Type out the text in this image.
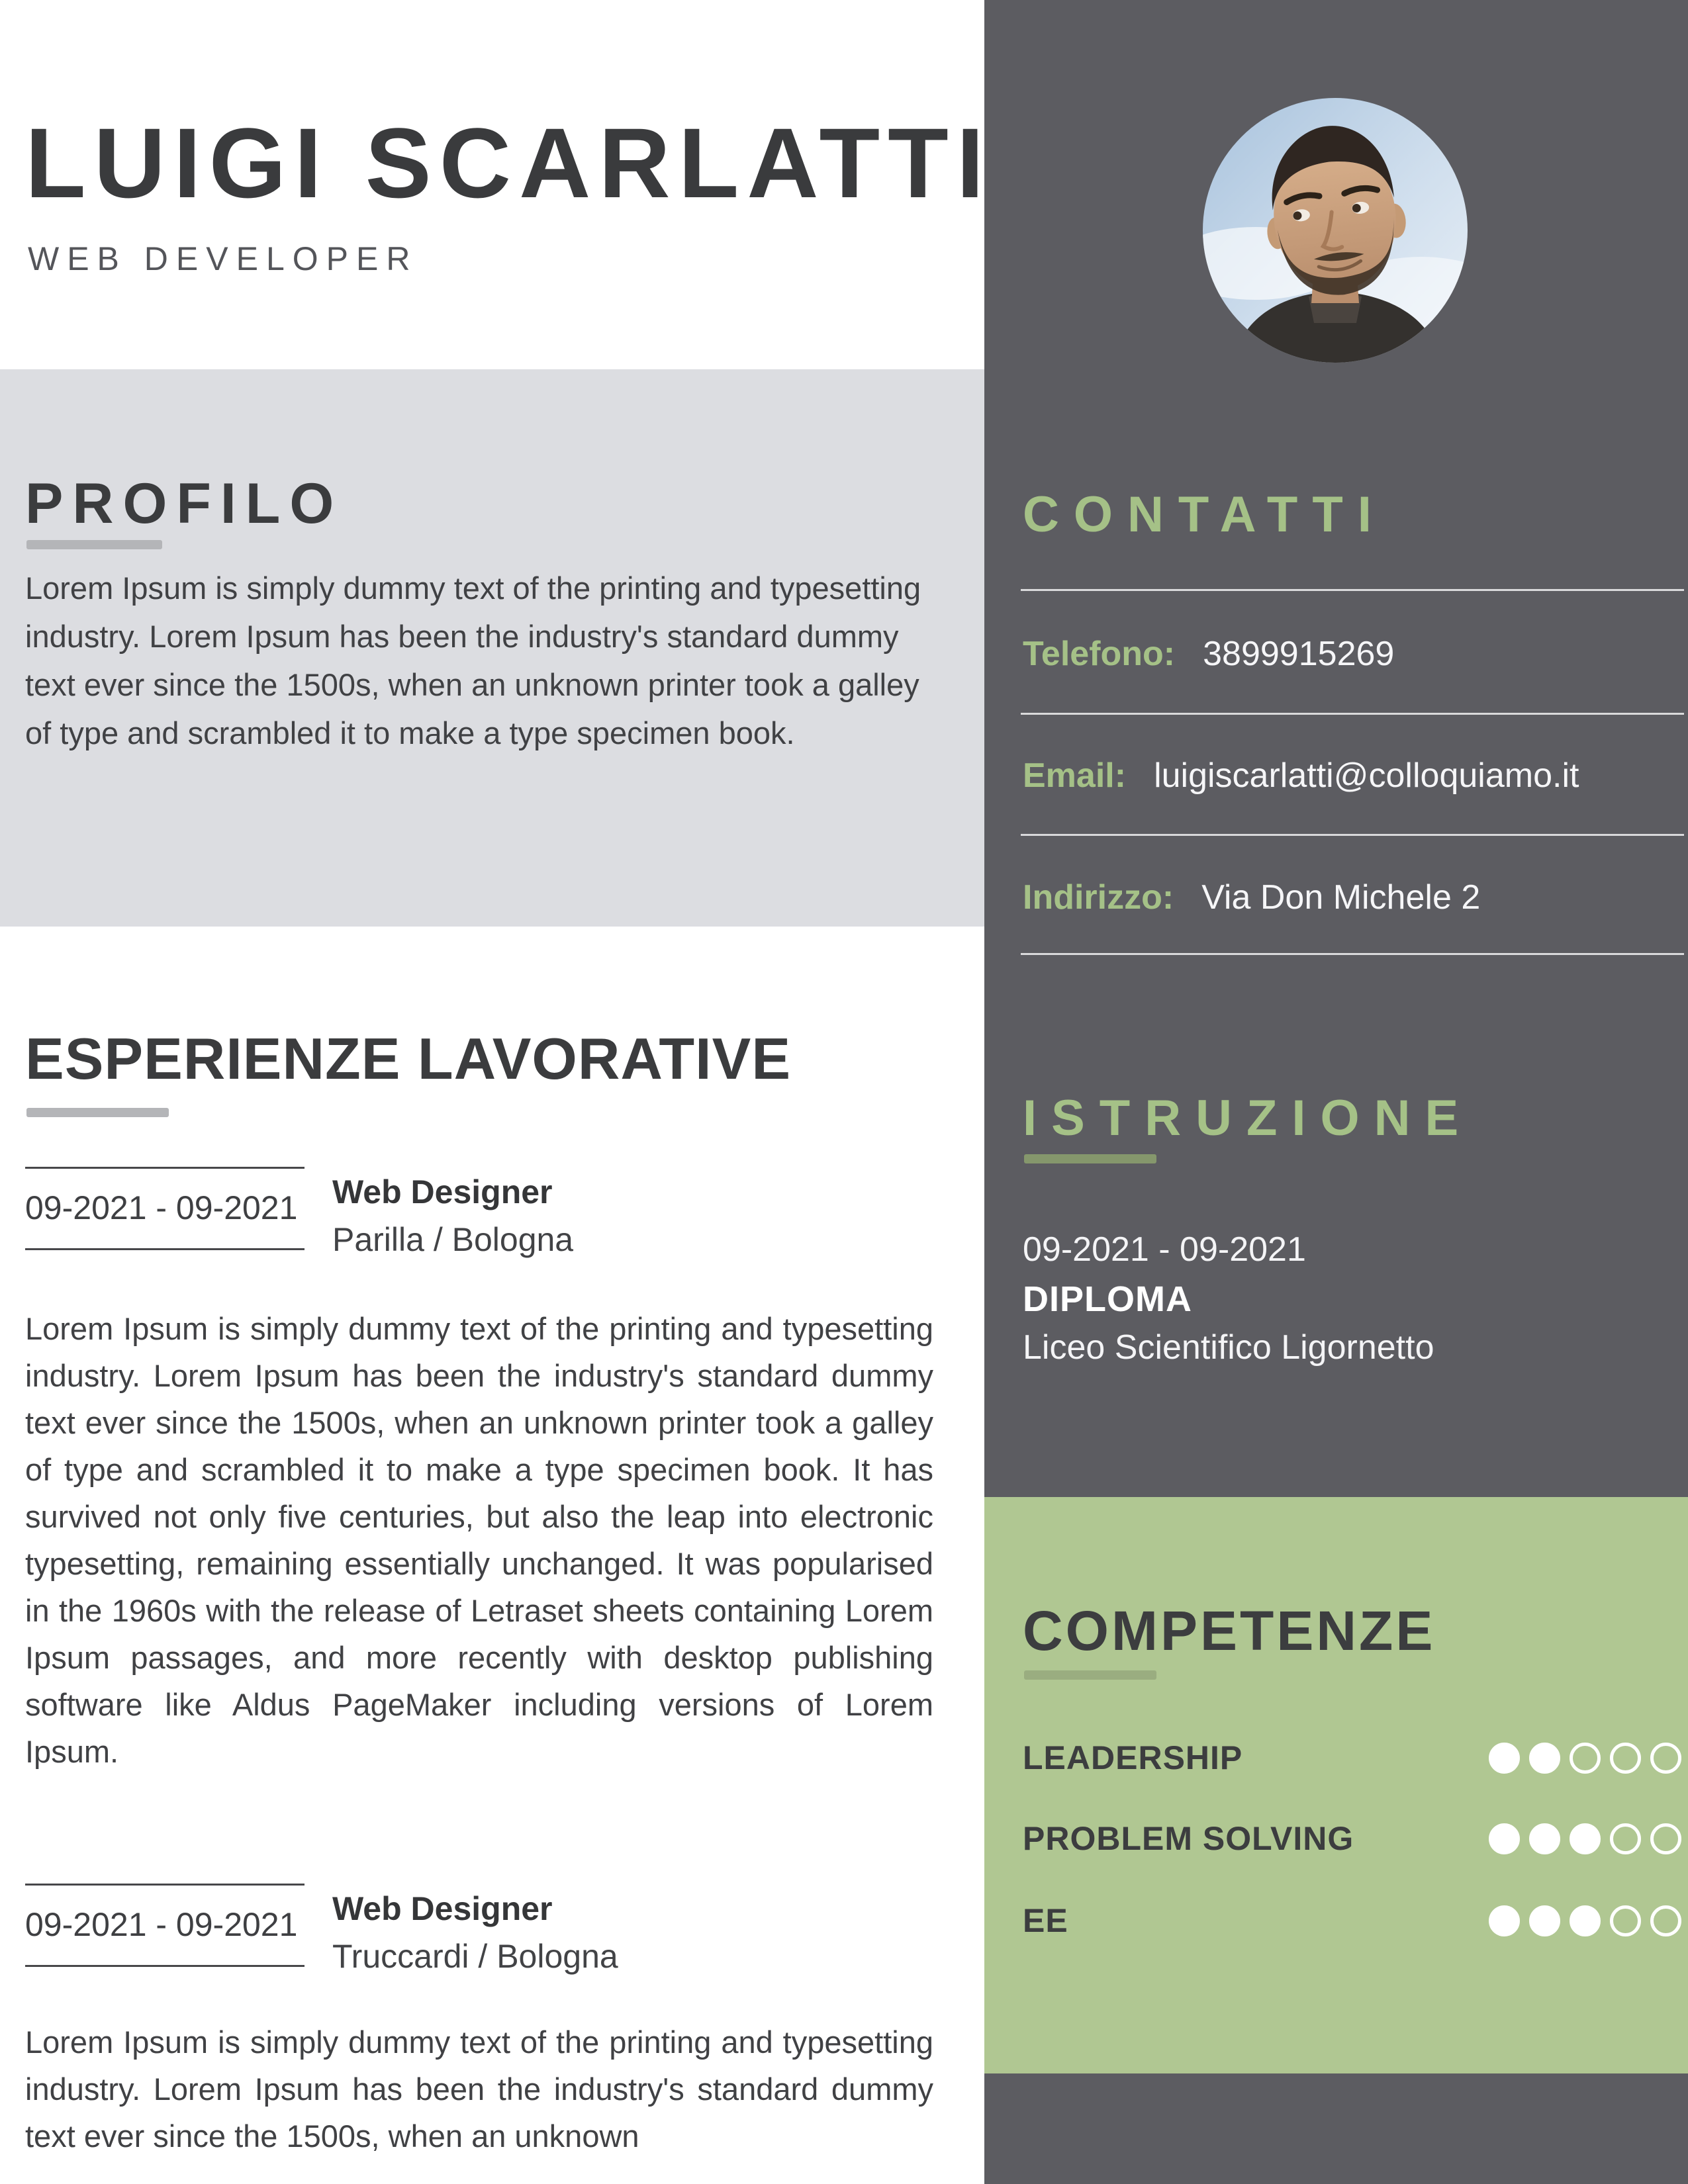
LUIGI SCARLATTI
WEB DEVELOPER
PROFILO
Lorem Ipsum is simply dummy text of the printing and typesetting industry. Lorem Ipsum has been the industry's standard dummy text ever since the 1500s, when an unknown printer took a galley of type and scrambled it to make a type specimen book.
ESPERIENZE LAVORATIVE
09-2021 - 09-2021 Web Designer
Parilla / Bologna
Lorem Ipsum is simply dummy text of the printing and typesetting industry. Lorem Ipsum has been the industry's standard dummy text ever since the 1500s, when an unknown printer took a galley of type and scrambled it to make a type specimen book. It has survived not only five centuries, but also the leap into electronic typesetting, remaining essentially unchanged. It was popularised in the 1960s with the release of Letraset sheets containing Lorem Ipsum passages, and more recently with desktop publishing software like Aldus PageMaker including versions of Lorem Ipsum.
09-2021 - 09-2021 Web Designer
Truccardi / Bologna
Lorem Ipsum is simply dummy text of the printing and typesetting industry. Lorem Ipsum has been the industry's standard dummy text ever since the 1500s, when an unknown
CONTATTI
Telefono: 3899915269
Email: luigiscarlatti@colloquiamo.it
Indirizzo: Via Don Michele 2
ISTRUZIONE
09-2021 - 09-2021
DIPLOMA
Liceo Scientifico Ligornetto
COMPETENZE
LEADERSHIP
PROBLEM SOLVING
EE
